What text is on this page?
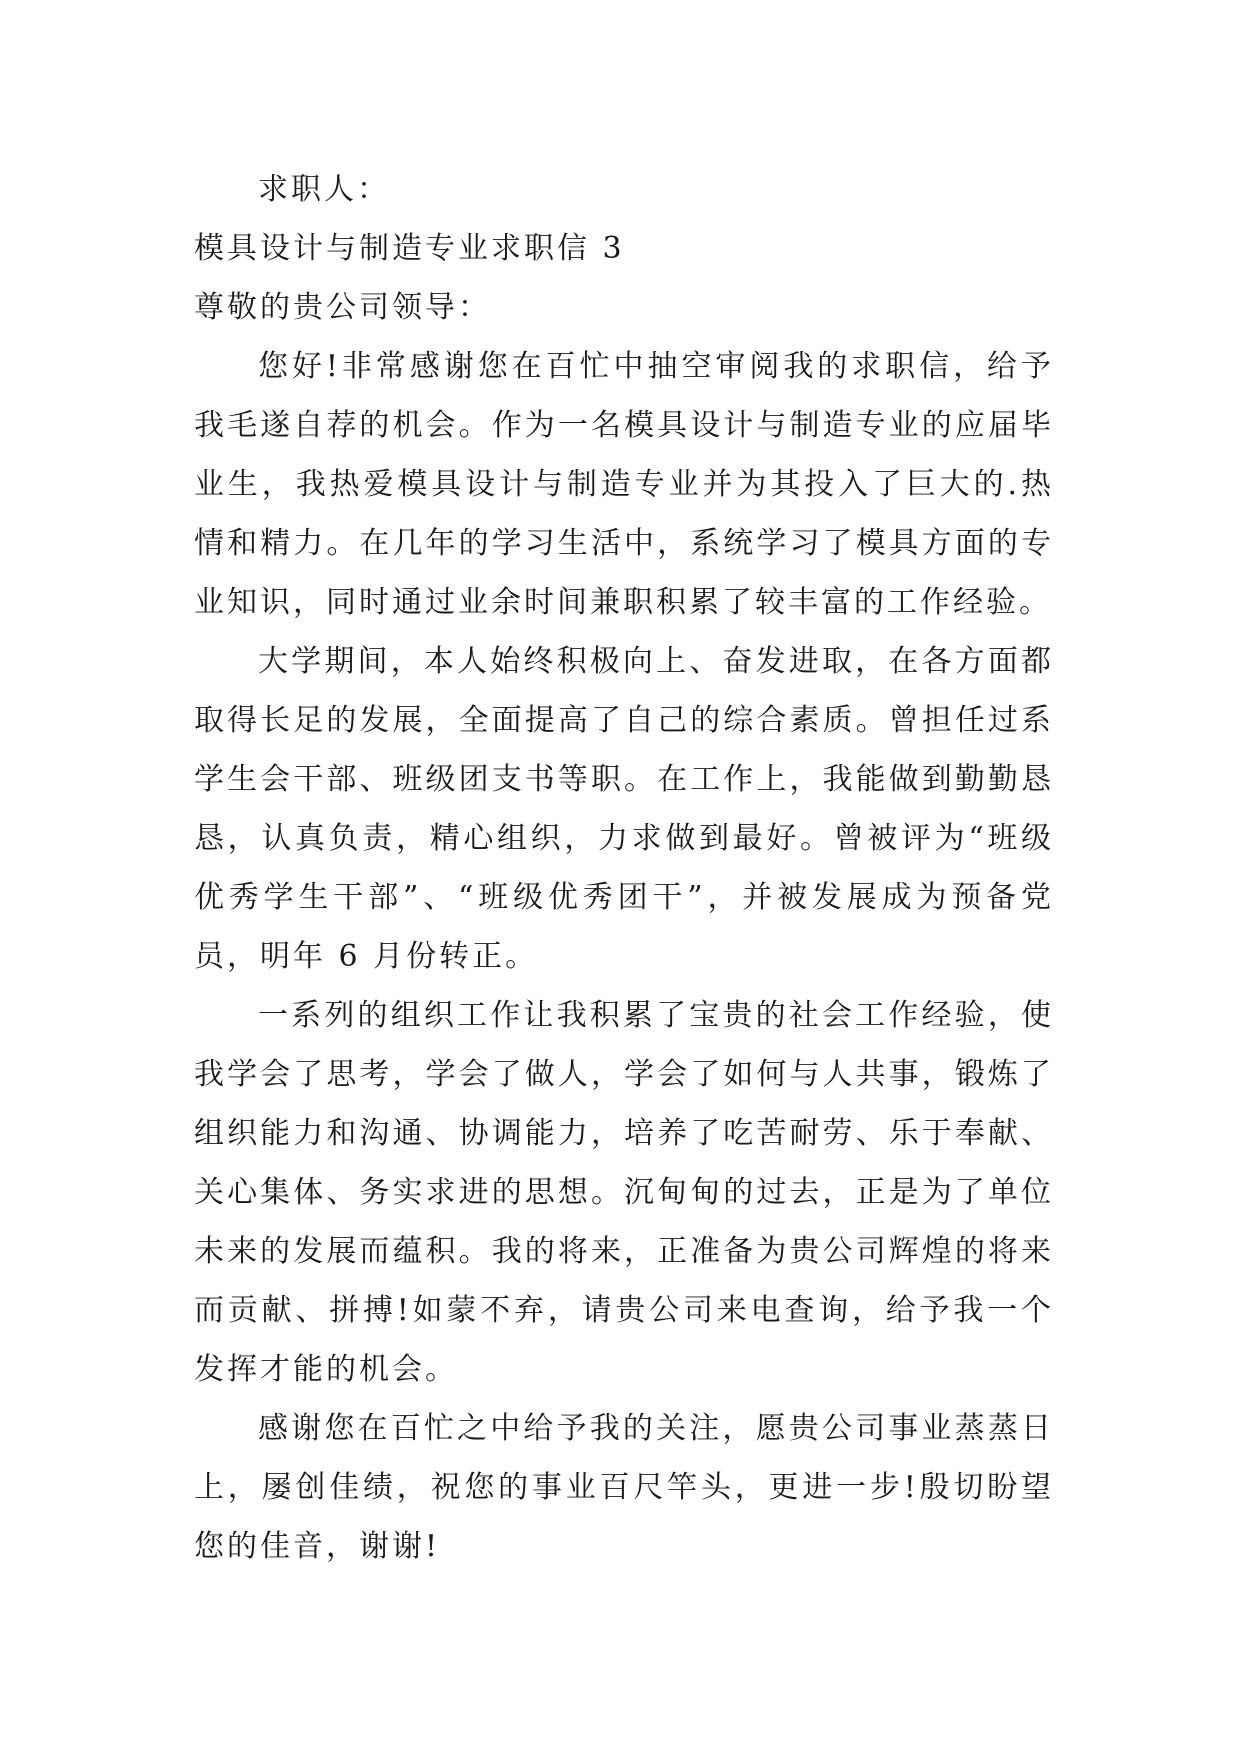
求职人：
模具设计与制造专业求职信 3
尊敬的贵公司领导：

您好!非常感谢您在百忙中抽空审阅我的求职信，给予我毛遂自荐的机会。作为一名模具设计与制造专业的应届毕业生，我热爱模具设计与制造专业并为其投入了巨大的.热情和精力。在几年的学习生活中，系统学习了模具方面的专业知识，同时通过业余时间兼职积累了较丰富的工作经验。

大学期间，本人始终积极向上、奋发进取，在各方面都取得长足的发展，全面提高了自己的综合素质。曾担任过系学生会干部、班级团支书等职。在工作上，我能做到勤勤恳恳，认真负责，精心组织，力求做到最好。曾被评为“班级优秀学生干部”、“班级优秀团干”，并被发展成为预备党员，明年 6 月份转正。

一系列的组织工作让我积累了宝贵的社会工作经验，使我学会了思考，学会了做人，学会了如何与人共事，锻炼了组织能力和沟通、协调能力，培养了吃苦耐劳、乐于奉献、关心集体、务实求进的思想。沉甸甸的过去，正是为了单位未来的发展而蕴积。我的将来，正准备为贵公司辉煌的将来而贡献、拼搏!如蒙不弃，请贵公司来电查询，给予我一个发挥才能的机会。

感谢您在百忙之中给予我的关注，愿贵公司事业蒸蒸日上，屡创佳绩，祝您的事业百尺竿头，更进一步!殷切盼望您的佳音，谢谢!
